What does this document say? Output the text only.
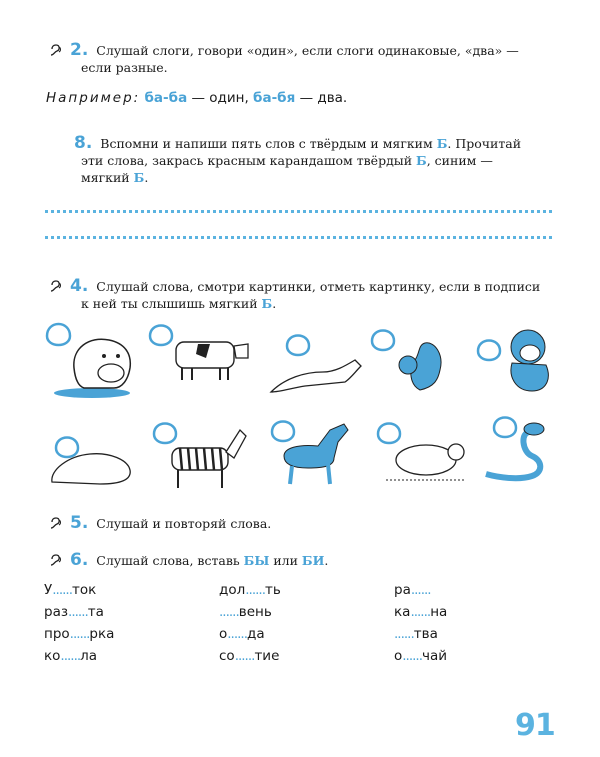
2. Слушай слоги, говори «один», если слоги одинаковые, «два» —

если разные.

Например: ба-ба — один, ба-бя — два.

8. Вспомни и напиши пять слов с твёрдым и мягким Б. Прочитай

эти слова, закрась красным карандашом твёрдый Б, синим —

мягкий Б.

4. Слушай слова, смотри картинки, отметь картинку, если в подписи

к ней ты слышишь мягкий Б.

5. Слушай и повторяй слова.

6. Слушай слова, вставь БЫ или БИ.

У......ток	дол......ть	ра......
раз......та	......вень	ка......на
про......рка	о......да	......тва
ко......ла	со......тие	о......чай
91
